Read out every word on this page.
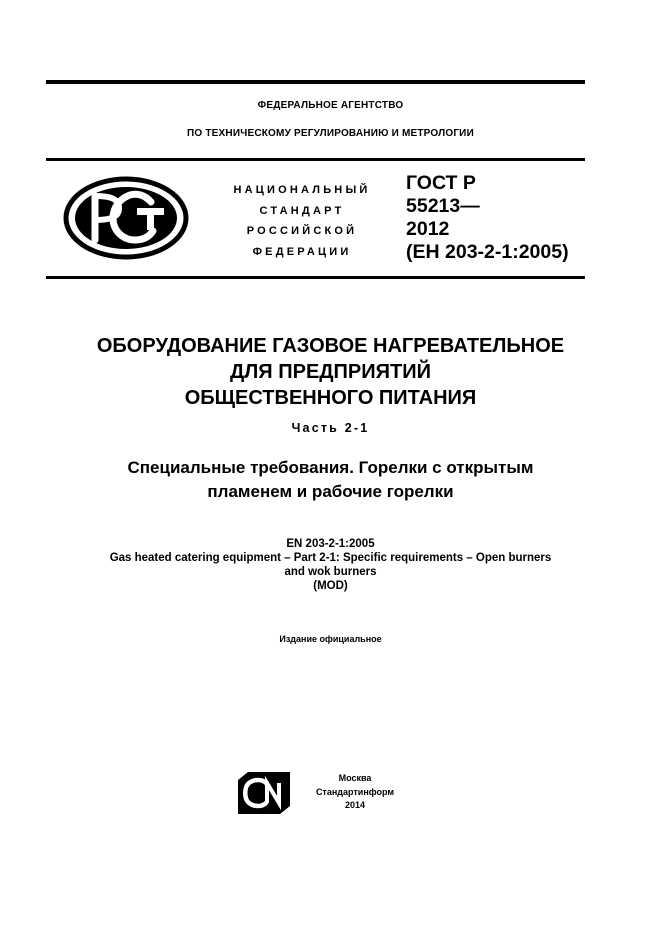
ФЕДЕРАЛЬНОЕ АГЕНТСТВО
ПО ТЕХНИЧЕСКОМУ РЕГУЛИРОВАНИЮ И МЕТРОЛОГИИ
НАЦИОНАЛЬНЫЙ
СТАНДАРТ
РОССИЙСКОЙ
ФЕДЕРАЦИИ
ГОСТ Р
55213—
2012
(ЕН 203-2-1:2005)
ОБОРУДОВАНИЕ ГАЗОВОЕ НАГРЕВАТЕЛЬНОЕ
ДЛЯ ПРЕДПРИЯТИЙ
ОБЩЕСТВЕННОГО ПИТАНИЯ
Часть 2-1
Специальные требования. Горелки с открытым
пламенем и рабочие горелки
EN 203-2-1:2005
Gas heated catering equipment – Part 2-1: Specific requirements – Open burners
and wok burners
(MOD)
Издание официальное
Москва
Стандартинформ
2014
